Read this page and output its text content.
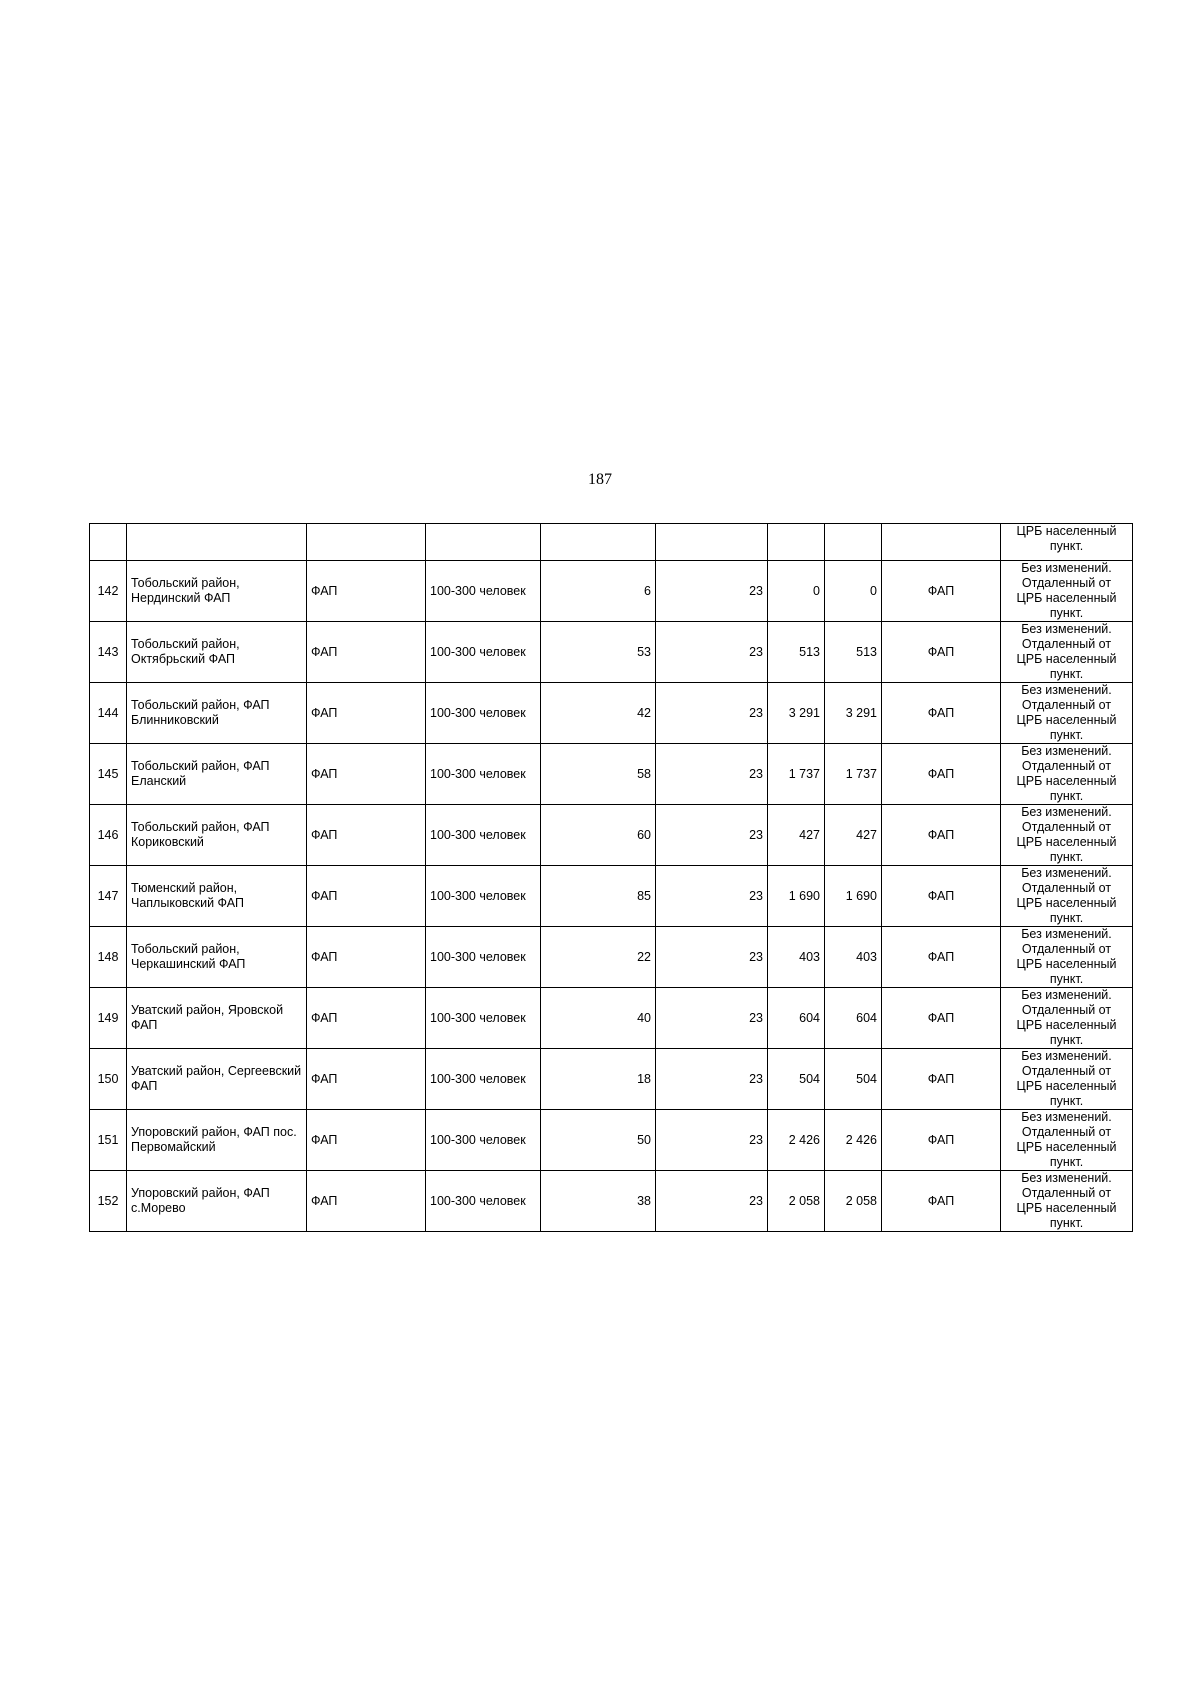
187

									ЦРБ населенный
пункт.

142	Тобольский район, Нердинский ФАП	ФАП	100-300 человек	6	23	0	0	ФАП	Без изменений.
Отдаленный от
ЦРБ населенный
пункт.

143	Тобольский район, Октябрьский ФАП	ФАП	100-300 человек	53	23	513	513	ФАП	Без изменений.
Отдаленный от
ЦРБ населенный
пункт.

144	Тобольский район, ФАП Блинниковский	ФАП	100-300 человек	42	23	3 291	3 291	ФАП	Без изменений.
Отдаленный от
ЦРБ населенный
пункт.

145	Тобольский район, ФАП Еланский	ФАП	100-300 человек	58	23	1 737	1 737	ФАП	Без изменений.
Отдаленный от
ЦРБ населенный
пункт.

146	Тобольский район, ФАП Кориковский	ФАП	100-300 человек	60	23	427	427	ФАП	Без изменений.
Отдаленный от
ЦРБ населенный
пункт.

147	Тюменский район, Чаплыковский ФАП	ФАП	100-300 человек	85	23	1 690	1 690	ФАП	Без изменений.
Отдаленный от
ЦРБ населенный
пункт.

148	Тобольский район, Черкашинский ФАП	ФАП	100-300 человек	22	23	403	403	ФАП	Без изменений.
Отдаленный от
ЦРБ населенный
пункт.

149	Уватский район, Яровской ФАП	ФАП	100-300 человек	40	23	604	604	ФАП	Без изменений.
Отдаленный от
ЦРБ населенный
пункт.

150	Уватский район, Сергеевский ФАП	ФАП	100-300 человек	18	23	504	504	ФАП	Без изменений.
Отдаленный от
ЦРБ населенный
пункт.

151	Упоровский район, ФАП пос. Первомайский	ФАП	100-300 человек	50	23	2 426	2 426	ФАП	Без изменений.
Отдаленный от
ЦРБ населенный
пункт.

152	Упоровский район, ФАП с.Морево	ФАП	100-300 человек	38	23	2 058	2 058	ФАП	Без изменений.
Отдаленный от
ЦРБ населенный
пункт.
